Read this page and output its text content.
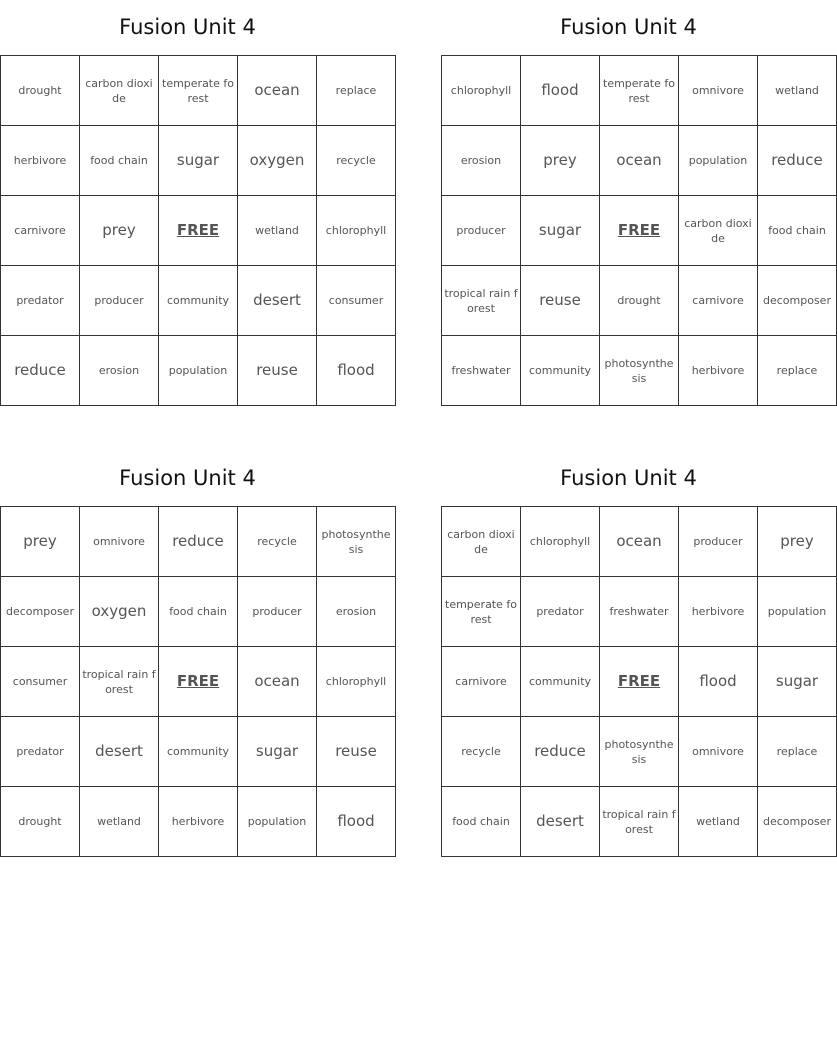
Fusion Unit 4
drought	carbon dioxide	temperate forest	ocean	replace
herbivore	food chain	sugar	oxygen	recycle
carnivore	prey	FREE	wetland	chlorophyll
predator	producer	community	desert	consumer
reduce	erosion	population	reuse	flood
Fusion Unit 4
chlorophyll	flood	temperate forest	omnivore	wetland
erosion	prey	ocean	population	reduce
producer	sugar	FREE	carbon dioxide	food chain
tropical rain forest	reuse	drought	carnivore	decomposer
freshwater	community	photosynthesis	herbivore	replace
Fusion Unit 4
prey	omnivore	reduce	recycle	photosynthesis
decomposer	oxygen	food chain	producer	erosion
consumer	tropical rain forest	FREE	ocean	chlorophyll
predator	desert	community	sugar	reuse
drought	wetland	herbivore	population	flood
Fusion Unit 4
carbon dioxide	chlorophyll	ocean	producer	prey
temperate forest	predator	freshwater	herbivore	population
carnivore	community	FREE	flood	sugar
recycle	reduce	photosynthesis	omnivore	replace
food chain	desert	tropical rain forest	wetland	decomposer
